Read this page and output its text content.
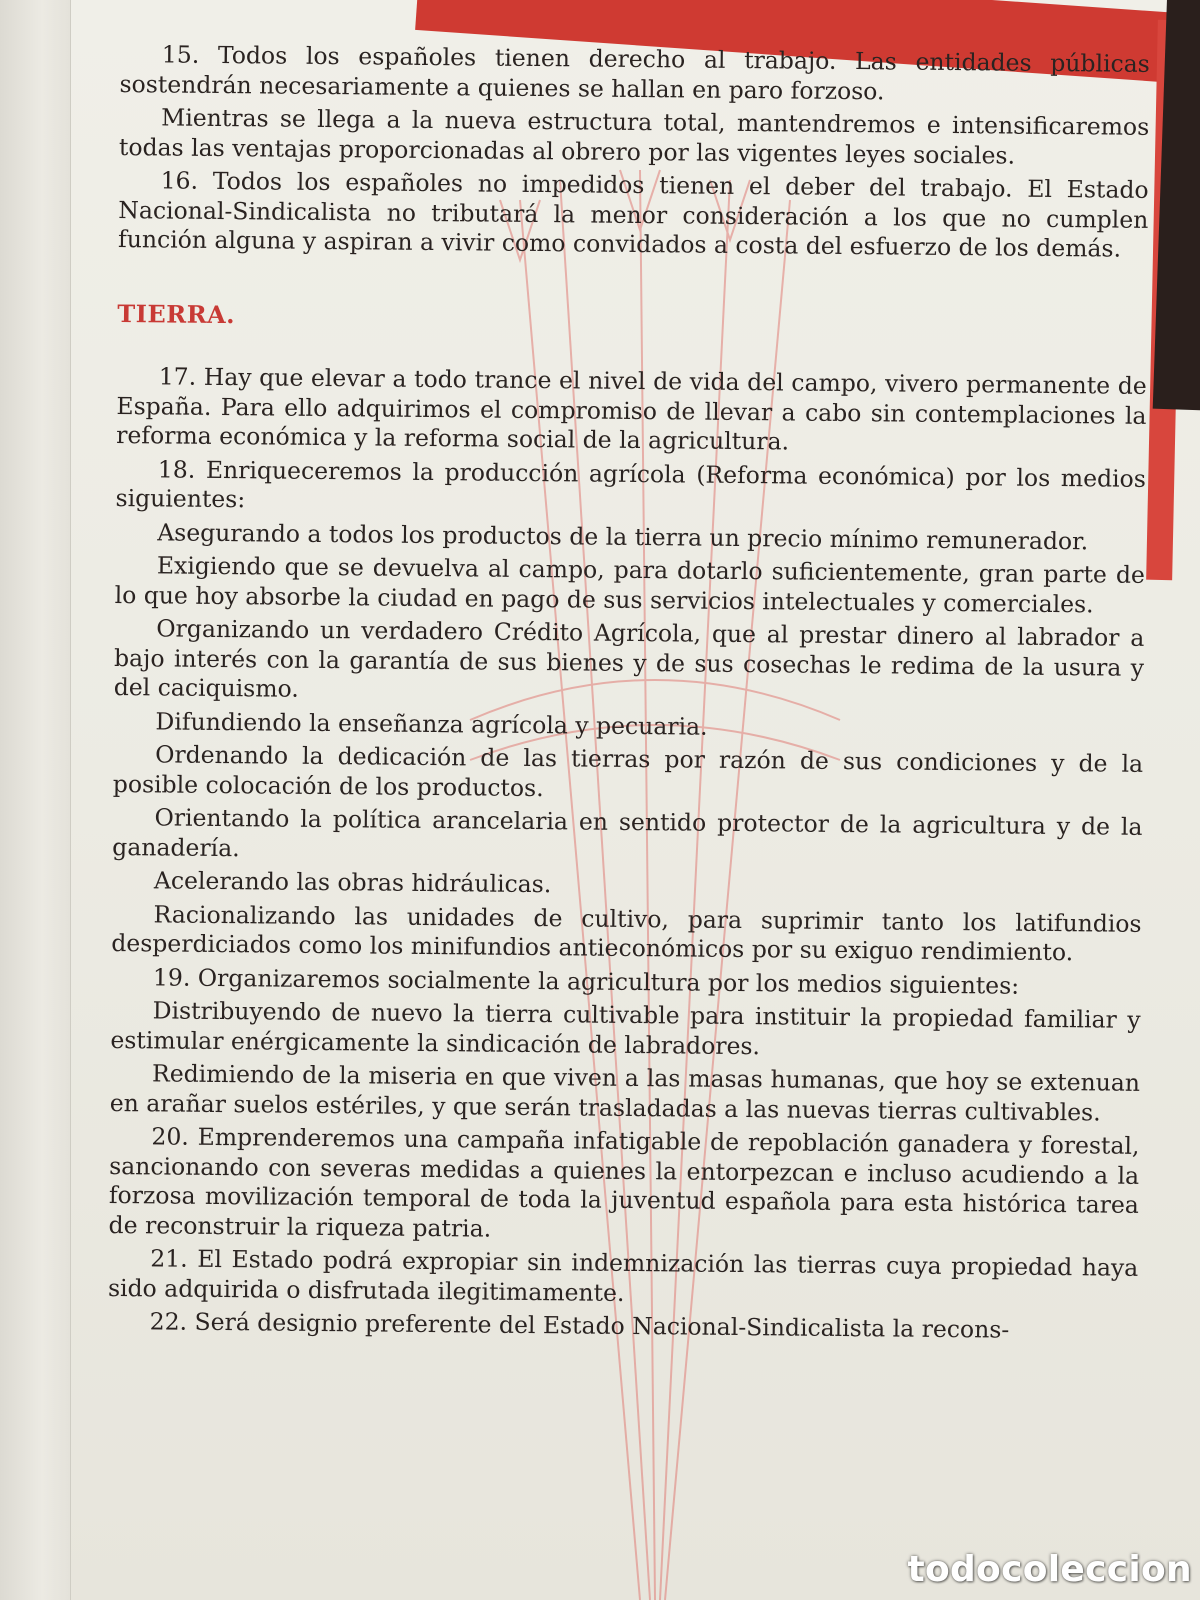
15. Todos los españoles tienen derecho al trabajo. Las entidades públicas sostendrán necesariamente a quienes se hallan en paro forzoso.

Mientras se llega a la nueva estructura total, mantendremos e intensificaremos todas las ventajas proporcionadas al obrero por las vigentes leyes sociales.

16. Todos los españoles no impedidos tienen el deber del trabajo. El Estado Nacional-Sindicalista no tributará la menor consideración a los que no cumplen función alguna y aspiran a vivir como convidados a costa del esfuerzo de los demás.

TIERRA.

17. Hay que elevar a todo trance el nivel de vida del campo, vivero permanente de España. Para ello adquirimos el compromiso de llevar a cabo sin contemplaciones la reforma económica y la reforma social de la agricultura.

18. Enriqueceremos la producción agrícola (Reforma económica) por los medios siguientes:

Asegurando a todos los productos de la tierra un precio mínimo remunerador.

Exigiendo que se devuelva al campo, para dotarlo suficientemente, gran parte de lo que hoy absorbe la ciudad en pago de sus servicios intelectuales y comerciales.

Organizando un verdadero Crédito Agrícola, que al prestar dinero al labrador a bajo interés con la garantía de sus bienes y de sus cosechas le redima de la usura y del caciquismo.

Difundiendo la enseñanza agrícola y pecuaria.

Ordenando la dedicación de las tierras por razón de sus condiciones y de la posible colocación de los productos.

Orientando la política arancelaria en sentido protector de la agricultura y de la ganadería.

Acelerando las obras hidráulicas.

Racionalizando las unidades de cultivo, para suprimir tanto los latifundios desperdiciados como los minifundios antieconómicos por su exiguo rendimiento.

19. Organizaremos socialmente la agricultura por los medios siguientes:

Distribuyendo de nuevo la tierra cultivable para instituir la propiedad familiar y estimular enérgicamente la sindicación de labradores.

Redimiendo de la miseria en que viven a las masas humanas, que hoy se extenuan en arañar suelos estériles, y que serán trasladadas a las nuevas tierras cultivables.

20. Emprenderemos una campaña infatigable de repoblación ganadera y forestal, sancionando con severas medidas a quienes la entorpezcan e incluso acudiendo a la forzosa movilización temporal de toda la juventud española para esta histórica tarea de reconstruir la riqueza patria.

21. El Estado podrá expropiar sin indemnización las tierras cuya propiedad haya sido adquirida o disfrutada ilegitimamente.

22. Será designio preferente del Estado Nacional-Sindicalista la recons-

todocoleccion
